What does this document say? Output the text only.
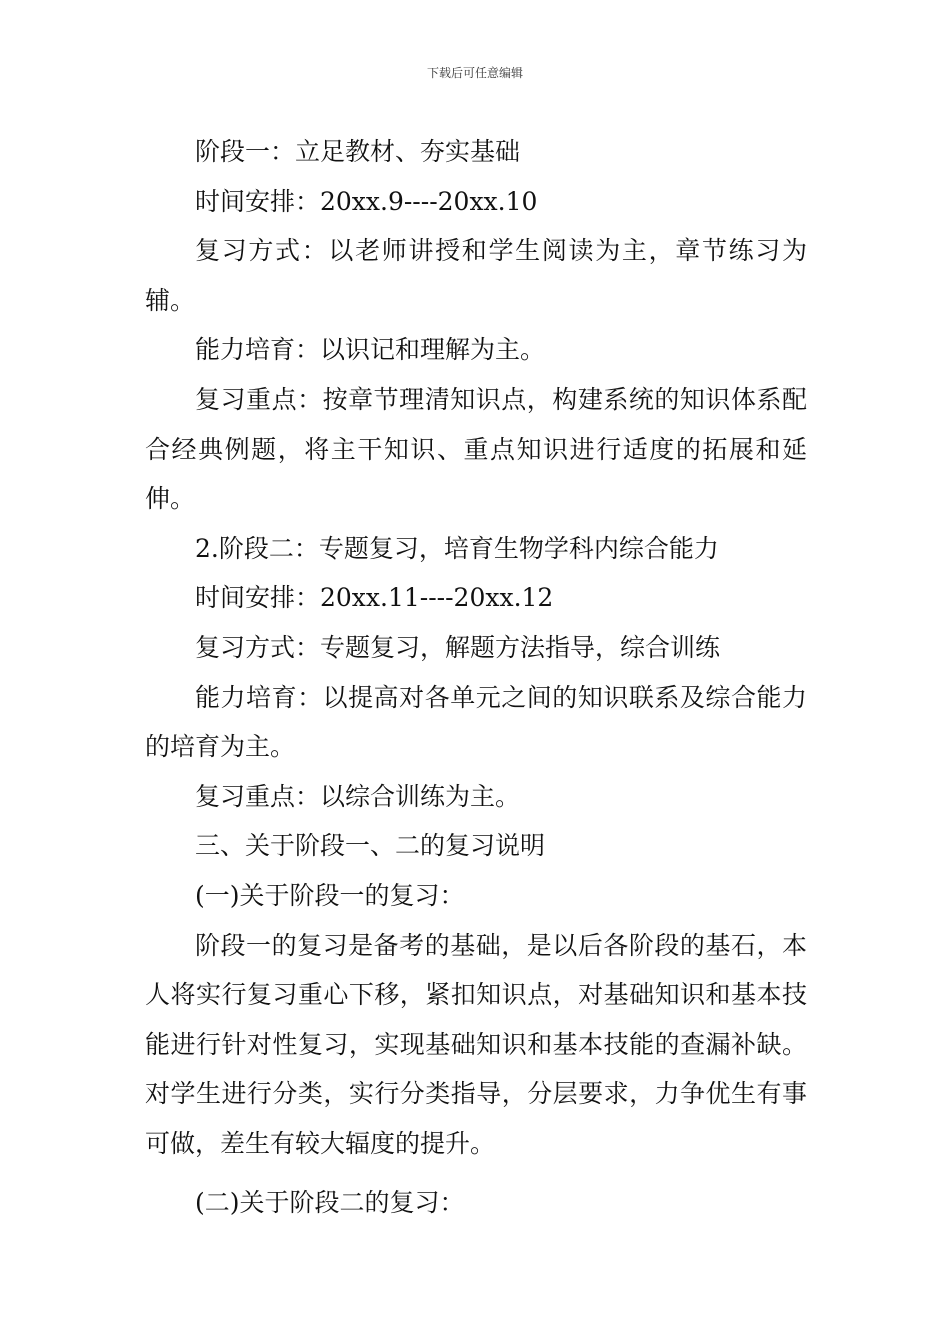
下载后可任意编辑

阶段一：立足教材、夯实基础

时间安排：20xx.9----20xx.10

复习方式：以老师讲授和学生阅读为主，章节练习为辅。

能力培育：以识记和理解为主。

复习重点：按章节理清知识点，构建系统的知识体系配合经典例题，将主干知识、重点知识进行适度的拓展和延伸。

2.阶段二：专题复习，培育生物学科内综合能力

时间安排：20xx.11----20xx.12

复习方式：专题复习，解题方法指导，综合训练

能力培育：以提高对各单元之间的知识联系及综合能力的培育为主。

复习重点：以综合训练为主。

三、关于阶段一、二的复习说明

(一)关于阶段一的复习：

阶段一的复习是备考的基础，是以后各阶段的基石，本人将实行复习重心下移，紧扣知识点，对基础知识和基本技能进行针对性复习，实现基础知识和基本技能的查漏补缺。对学生进行分类，实行分类指导，分层要求，力争优生有事可做，差生有较大辐度的提升。

(二)关于阶段二的复习：
